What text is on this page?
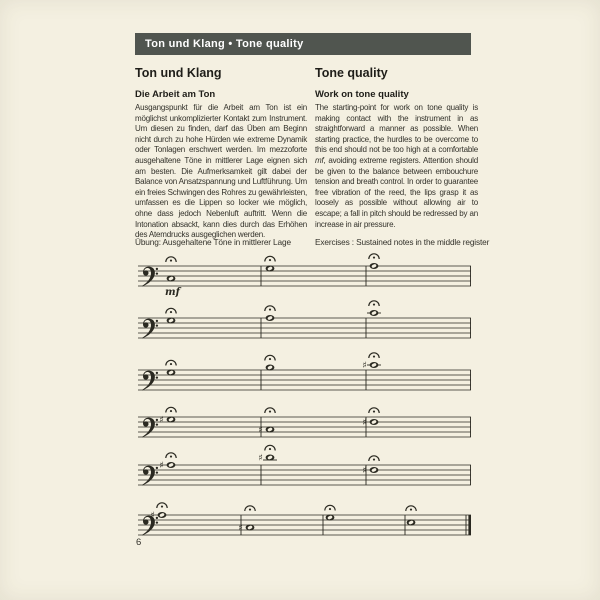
Ton und Klang • Tone quality
Ton und Klang
Die Arbeit am Ton

Ausgangspunkt für die Arbeit am Ton ist ein möglichst unkomplizierter Kontakt zum Instrument. Um diesen zu finden, darf das Üben am Beginn nicht durch zu hohe Hürden wie extreme Dynamik oder Tonlagen erschwert werden. Im mezzoforte ausgehaltene Töne in mittlerer Lage eignen sich am besten. Die Aufmerksamkeit gilt dabei der Balance von Ansatzspannung und Luftführung. Um ein freies Schwingen des Rohres zu gewährleisten, umfassen es die Lippen so locker wie möglich, ohne dass jedoch Nebenluft auftritt. Wenn die Intonation absackt, kann dies durch das Erhöhen des Atemdrucks ausgeglichen werden.

Tone quality
Work on tone quality

The starting-point for work on tone quality is making contact with the instrument in as straightforward a manner as possible. When starting practice, the hurdles to be overcome to this end should not be too high at a comfortable mf, avoiding extreme registers. Attention should be given to the balance between embouchure tension and breath control. In order to guarantee free vibration of the reed, the lips grasp it as loosely as possible without allowing air to escape; a fall in pitch should be redressed by an increase in air pressure.

Übung: Ausgehaltene Töne in mittlerer Lage	Exercises : Sustained notes in the middle register
mf
♯
♯
♯
♯
♯
♯
♯
♯
♯
6
